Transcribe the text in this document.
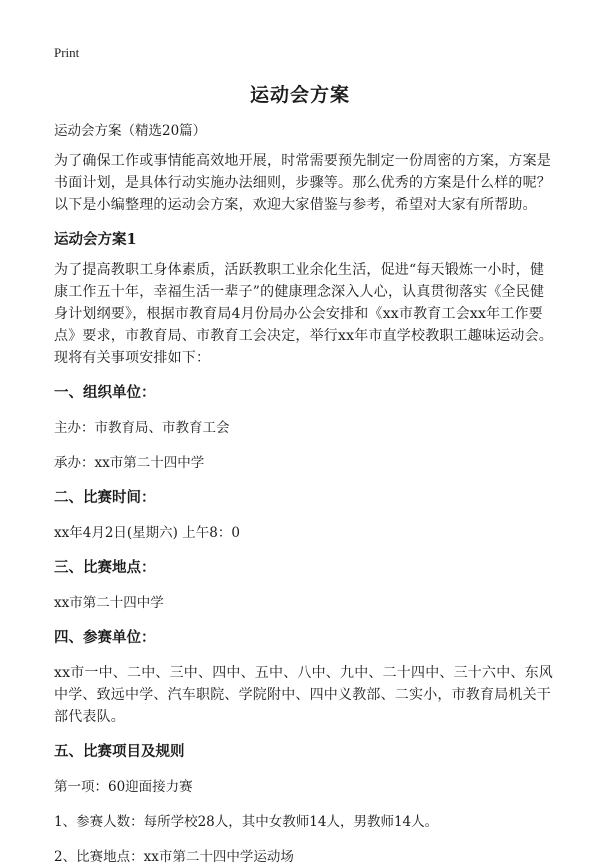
Print
运动会方案

运动会方案（精选20篇）

为了确保工作或事情能高效地开展，时常需要预先制定一份周密的方案，方案是书面计划，是具体行动实施办法细则，步骤等。那么优秀的方案是什么样的呢？以下是小编整理的运动会方案，欢迎大家借鉴与参考，希望对大家有所帮助。

运动会方案1

为了提高教职工身体素质，活跃教职工业余化生活，促进“每天锻炼一小时，健康工作五十年，幸福生活一辈子”的健康理念深入人心，认真贯彻落实《全民健身计划纲要》，根据市教育局4月份局办公会安排和《xx市教育工会xx年工作要点》要求，市教育局、市教育工会决定，举行xx年市直学校教职工趣味运动会。现将有关事项安排如下：

一、组织单位：

主办：市教育局、市教育工会

承办：xx市第二十四中学

二、比赛时间：

xx年4月2日(星期六) 上午8：0

三、比赛地点：

xx市第二十四中学

四、参赛单位：

xx市一中、二中、三中、四中、五中、八中、九中、二十四中、三十六中、东风中学、致远中学、汽车职院、学院附中、四中义教部、二实小，市教育局机关干部代表队。

五、比赛项目及规则

第一项：60迎面接力赛

1、参赛人数：每所学校28人，其中女教师14人，男教师14人。

2、比赛地点：xx市第二十四中学运动场
